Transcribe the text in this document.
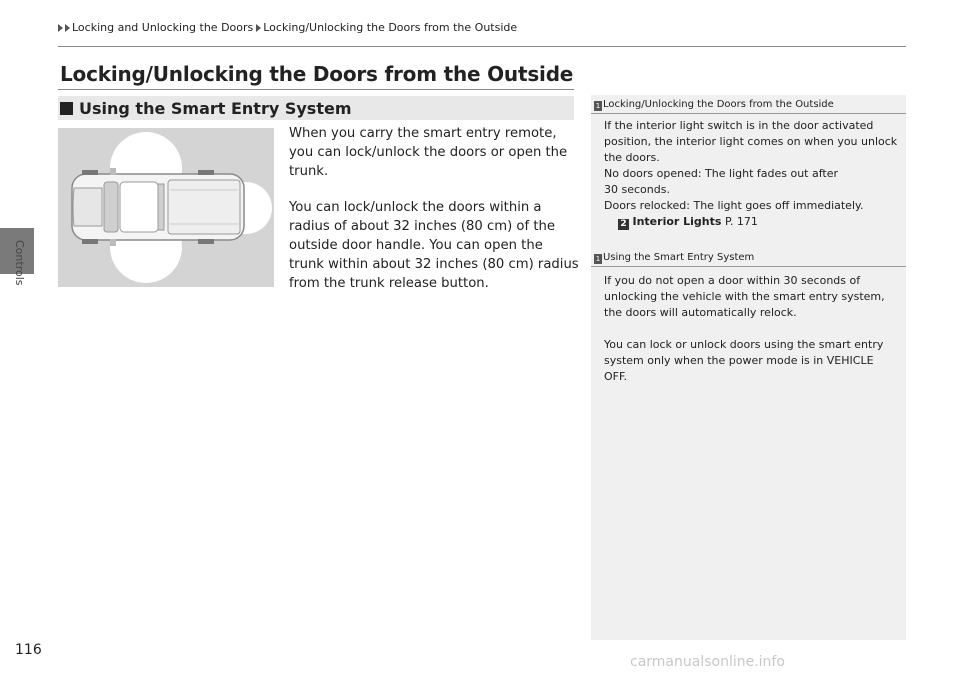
Locking and Unlocking the Doors Locking/Unlocking the Doors from the Outside
Locking/Unlocking the Doors from the Outside
Using the Smart Entry System

When you carry the smart entry remote, you can lock/unlock the doors or open the trunk.

You can lock/unlock the doors within a radius of about 32 inches (80 cm) of the outside door handle. You can open the trunk within about 32 inches (80 cm) radius from the trunk release button.

1 Locking/Unlocking the Doors from the Outside
If the interior light switch is in the door activated position, the interior light comes on when you unlock the doors.
No doors opened: The light fades out after
30 seconds.
Doors relocked: The light goes off immediately.
2 Interior Lights P. 171
1 Using the Smart Entry System
If you do not open a door within 30 seconds of unlocking the vehicle with the smart entry system, the doors will automatically relock.
You can lock or unlock doors using the smart entry system only when the power mode is in VEHICLE OFF.
Controls
116
carmanualsonline.info
